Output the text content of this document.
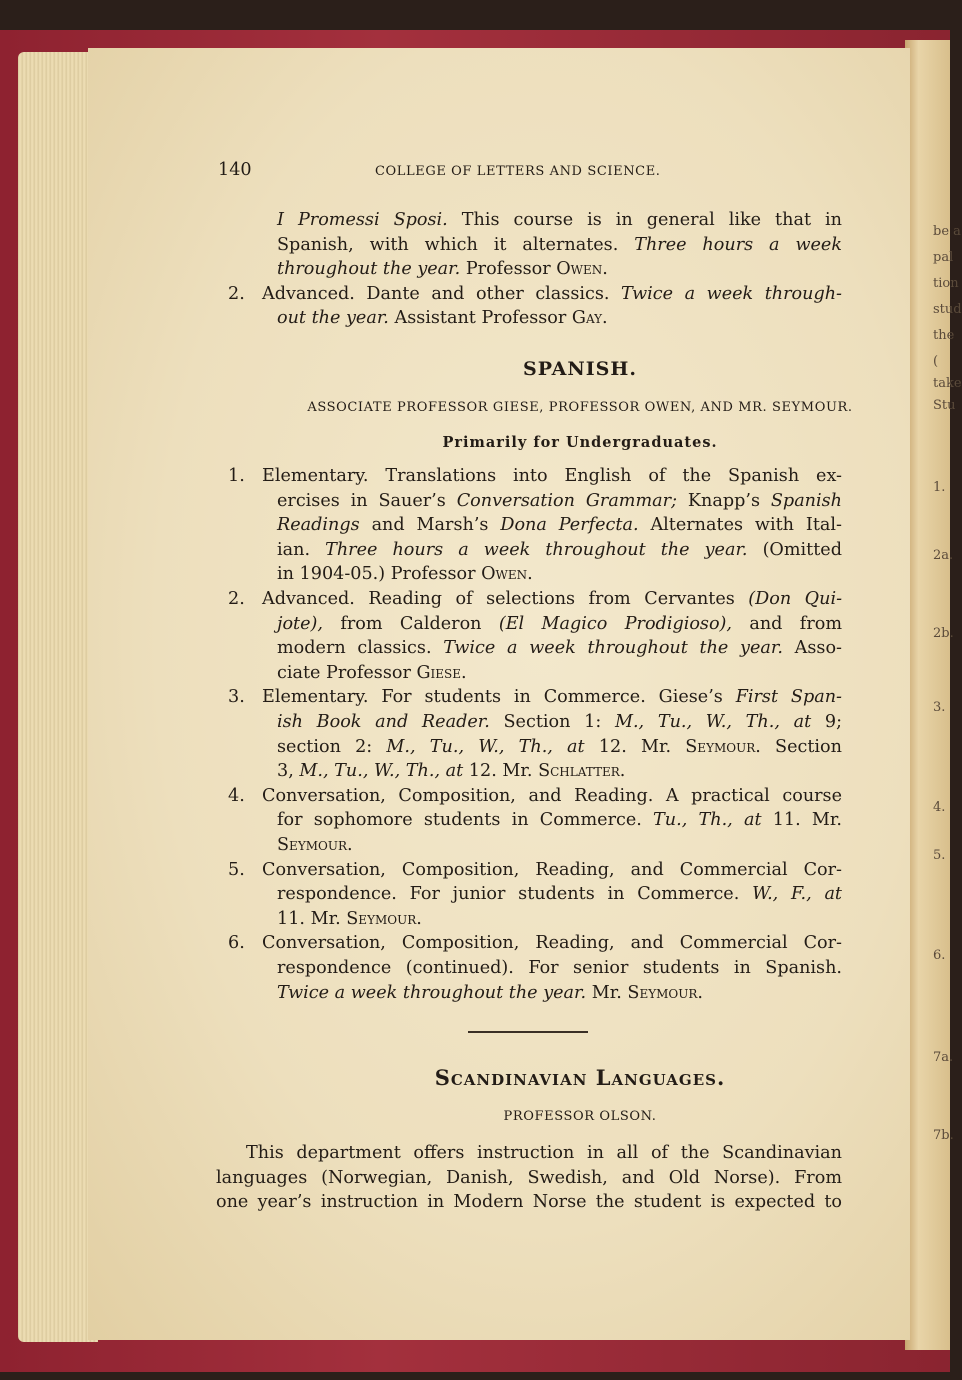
be a
pal
tion
stud
the
(
take
Stu
1.
2a.
2b.
3.
4.
5.
6.
7a.
7b.
140	COLLEGE OF LETTERS AND SCIENCE.
I Promessi Sposi. This course is in general like that in
Spanish, with which it alternates. Three hours a week
throughout the year. Professor Owen.
2. Advanced. Dante and other classics. Twice a week through-
out the year. Assistant Professor Gay.
SPANISH.
ASSOCIATE PROFESSOR GIESE, PROFESSOR OWEN, AND MR. SEYMOUR.
Primarily for Undergraduates.
1. Elementary. Translations into English of the Spanish ex-
ercises in Sauer’s Conversation Grammar; Knapp’s Spanish
Readings and Marsh’s Dona Perfecta. Alternates with Ital-
ian. Three hours a week throughout the year. (Omitted
in 1904-05.) Professor Owen.
2. Advanced. Reading of selections from Cervantes (Don Qui-
jote), from Calderon (El Magico Prodigioso), and from
modern classics. Twice a week throughout the year. Asso-
ciate Professor Giese.
3. Elementary. For students in Commerce. Giese’s First Span-
ish Book and Reader. Section 1: M., Tu., W., Th., at 9;
section 2: M., Tu., W., Th., at 12. Mr. Seymour. Section
3, M., Tu., W., Th., at 12. Mr. Schlatter.
4. Conversation, Composition, and Reading. A practical course
for sophomore students in Commerce. Tu., Th., at 11. Mr.
Seymour.
5. Conversation, Composition, Reading, and Commercial Cor-
respondence. For junior students in Commerce. W., F., at
11. Mr. Seymour.
6. Conversation, Composition, Reading, and Commercial Cor-
respondence (continued). For senior students in Spanish.
Twice a week throughout the year. Mr. Seymour.
Scandinavian Languages.
PROFESSOR OLSON.
This department offers instruction in all of the Scandinavian
languages (Norwegian, Danish, Swedish, and Old Norse). From
one year’s instruction in Modern Norse the student is expected to
